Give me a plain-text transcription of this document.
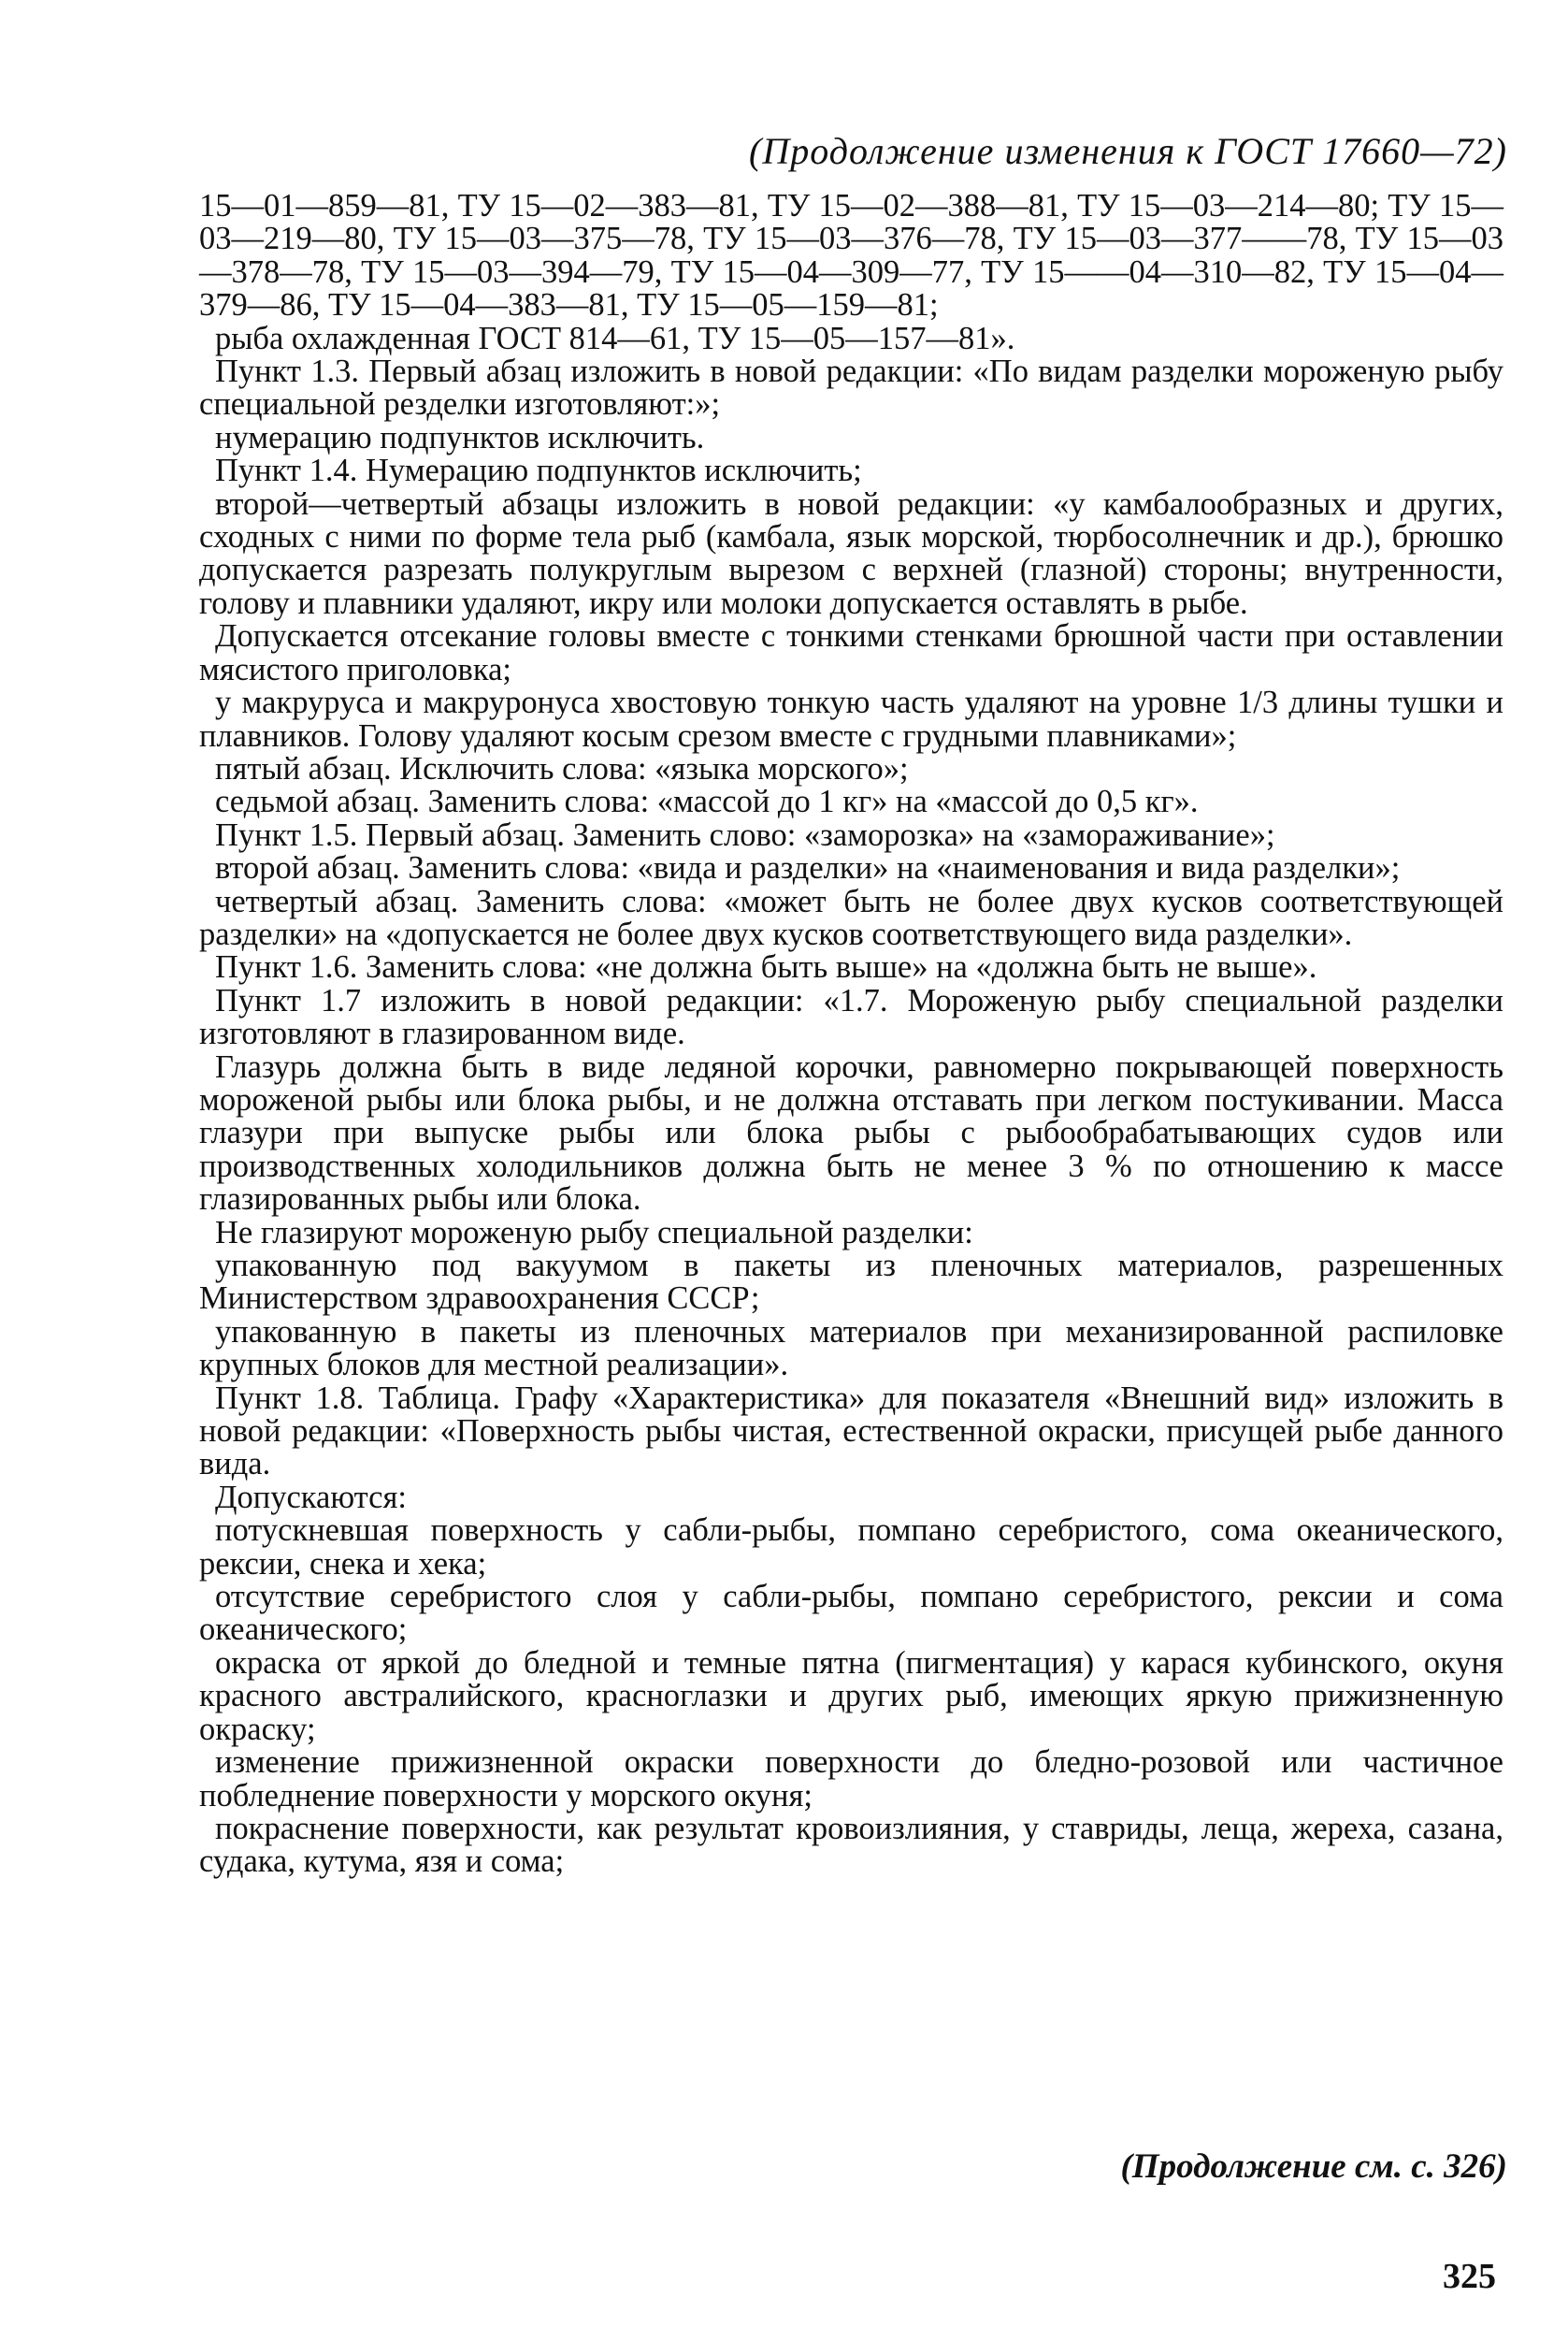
(Продолжение изменения к ГОСТ 17660—72)

15—01—859—81, ТУ 15—02—383—81, ТУ 15—02—388—81, ТУ 15—03—214—80; ТУ 15—03—219—80, ТУ 15—03—375—78, ТУ 15—03—376—78, ТУ 15—03—377——78, ТУ 15—03—378—78, ТУ 15—03—394—79, ТУ 15—04—309—77, ТУ 15——04—310—82, ТУ 15—04—379—86, ТУ 15—04—383—81, ТУ 15—05—159—81;

рыба охлажденная ГОСТ 814—61, ТУ 15—05—157—81».

Пункт 1.3. Первый абзац изложить в новой редакции: «По видам разделки мороженую рыбу специальной резделки изготовляют:»;

нумерацию подпунктов исключить.

Пункт 1.4. Нумерацию подпунктов исключить;

второй—четвертый абзацы изложить в новой редакции: «у камбалообразных и других, сходных с ними по форме тела рыб (камбала, язык морской, тюрбосолнечник и др.), брюшко допускается разрезать полукруглым вырезом с верхней (глазной) стороны; внутренности, голову и плавники удаляют, икру или молоки допускается оставлять в рыбе.

Допускается отсекание головы вместе с тонкими стенками брюшной части при оставлении мясистого приголовка;

у макруруса и макруронуса хвостовую тонкую часть удаляют на уровне 1/3 длины тушки и плавников. Голову удаляют косым срезом вместе с грудными плавниками»;

пятый абзац. Исключить слова: «языка морского»;

седьмой абзац. Заменить слова: «массой до 1 кг» на «массой до 0,5 кг».

Пункт 1.5. Первый абзац. Заменить слово: «заморозка» на «замораживание»;

второй абзац. Заменить слова: «вида и разделки» на «наименования и вида разделки»;

четвертый абзац. Заменить слова: «может быть не более двух кусков соответствующей разделки» на «допускается не более двух кусков соответствующего вида разделки».

Пункт 1.6. Заменить слова: «не должна быть выше» на «должна быть не выше».

Пункт 1.7 изложить в новой редакции: «1.7. Мороженую рыбу специальной разделки изготовляют в глазированном виде.

Глазурь должна быть в виде ледяной корочки, равномерно покрывающей поверхность мороженой рыбы или блока рыбы, и не должна отставать при легком постукивании. Масса глазури при выпуске рыбы или блока рыбы с рыбообрабатывающих судов или производственных холодильников должна быть не менее 3 % по отношению к массе глазированных рыбы или блока.

Не глазируют мороженую рыбу специальной разделки:

упакованную под вакуумом в пакеты из пленочных материалов, разрешенных Министерством здравоохранения СССР;

упакованную в пакеты из пленочных материалов при механизированной распиловке крупных блоков для местной реализации».

Пункт 1.8. Таблица. Графу «Характеристика» для показателя «Внешний вид» изложить в новой редакции: «Поверхность рыбы чистая, естественной окраски, присущей рыбе данного вида.

Допускаются:

потускневшая поверхность у сабли-рыбы, помпано серебристого, сома океанического, рексии, снека и хека;

отсутствие серебристого слоя у сабли-рыбы, помпано серебристого, рексии и сома океанического;

окраска от яркой до бледной и темные пятна (пигментация) у карася кубинского, окуня красного австралийского, красноглазки и других рыб, имеющих яркую прижизненную окраску;

изменение прижизненной окраски поверхности до бледно-розовой или частичное побледнение поверхности у морского окуня;

покраснение поверхности, как результат кровоизлияния, у ставриды, леща, жереха, сазана, судака, кутума, язя и сома;

(Продолжение см. с. 326)
325
